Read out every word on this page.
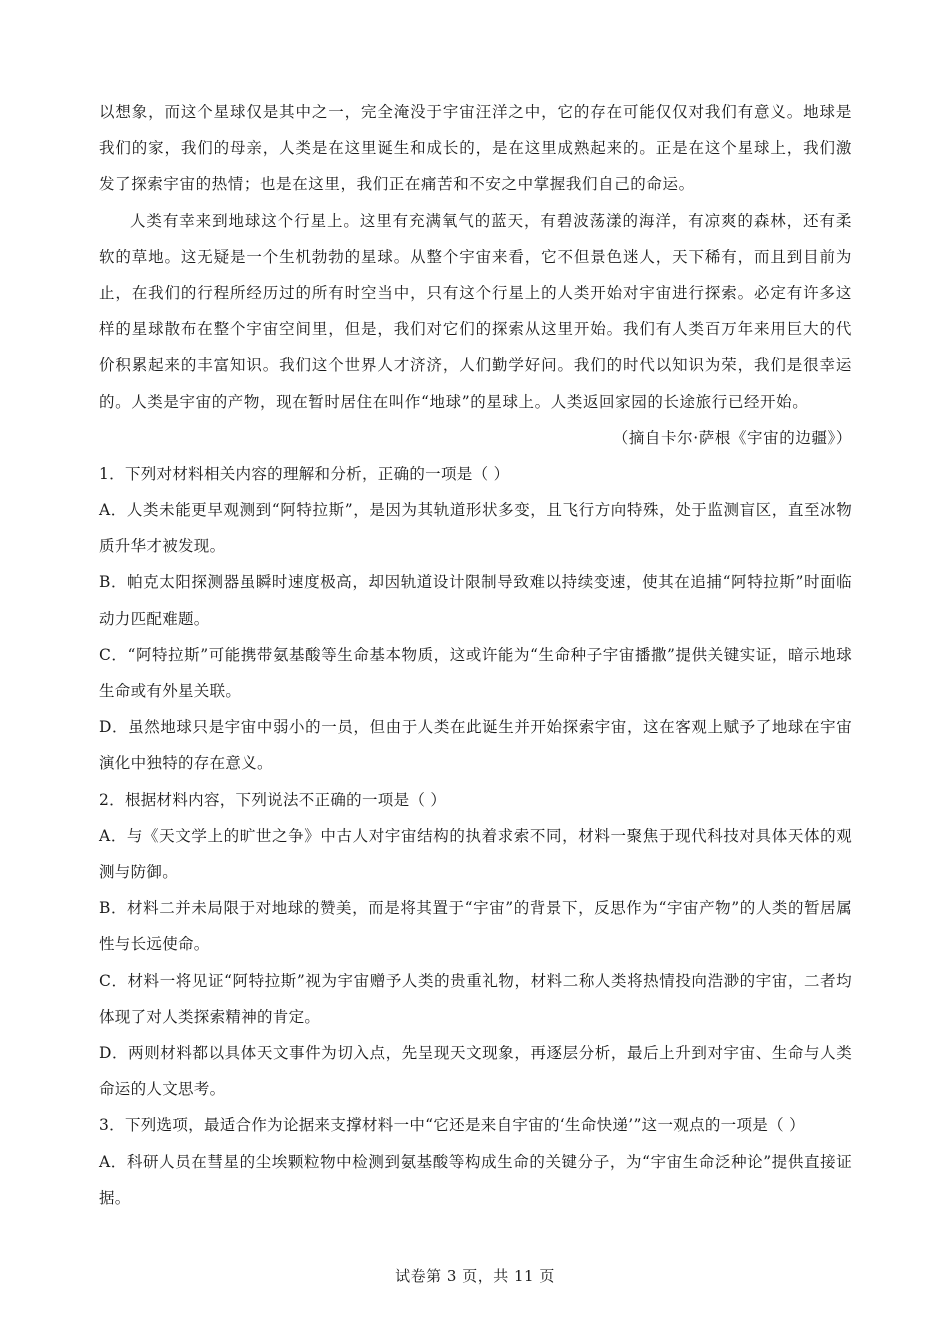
以想象，而这个星球仅是其中之一，完全淹没于宇宙汪洋之中，它的存在可能仅仅对我们有意义。地球是我们的家，我们的母亲，人类是在这里诞生和成长的，是在这里成熟起来的。正是在这个星球上，我们激发了探索宇宙的热情；也是在这里，我们正在痛苦和不安之中掌握我们自己的命运。

人类有幸来到地球这个行星上。这里有充满氧气的蓝天，有碧波荡漾的海洋，有凉爽的森林，还有柔软的草地。这无疑是一个生机勃勃的星球。从整个宇宙来看，它不但景色迷人，天下稀有，而且到目前为止，在我们的行程所经历过的所有时空当中，只有这个行星上的人类开始对宇宙进行探索。必定有许多这样的星球散布在整个宇宙空间里，但是，我们对它们的探索从这里开始。我们有人类百万年来用巨大的代价积累起来的丰富知识。我们这个世界人才济济，人们勤学好问。我们的时代以知识为荣，我们是很幸运的。人类是宇宙的产物，现在暂时居住在叫作“地球”的星球上。人类返回家园的长途旅行已经开始。

（摘自卡尔·萨根《宇宙的边疆》）

1．下列对材料相关内容的理解和分析，正确的一项是（ ）

A．人类未能更早观测到“阿特拉斯”，是因为其轨道形状多变，且飞行方向特殊，处于监测盲区，直至冰物质升华才被发现。

B．帕克太阳探测器虽瞬时速度极高，却因轨道设计限制导致难以持续变速，使其在追捕“阿特拉斯”时面临动力匹配难题。

C．“阿特拉斯”可能携带氨基酸等生命基本物质，这或许能为“生命种子宇宙播撒”提供关键实证，暗示地球生命或有外星关联。

D．虽然地球只是宇宙中弱小的一员，但由于人类在此诞生并开始探索宇宙，这在客观上赋予了地球在宇宙演化中独特的存在意义。

2．根据材料内容，下列说法不正确的一项是（ ）

A．与《天文学上的旷世之争》中古人对宇宙结构的执着求索不同，材料一聚焦于现代科技对具体天体的观测与防御。

B．材料二并未局限于对地球的赞美，而是将其置于“宇宙”的背景下，反思作为“宇宙产物”的人类的暂居属性与长远使命。

C．材料一将见证“阿特拉斯”视为宇宙赠予人类的贵重礼物，材料二称人类将热情投向浩渺的宇宙，二者均体现了对人类探索精神的肯定。

D．两则材料都以具体天文事件为切入点，先呈现天文现象，再逐层分析，最后上升到对宇宙、生命与人类命运的人文思考。

3．下列选项，最适合作为论据来支撑材料一中“它还是来自宇宙的‘生命快递’”这一观点的一项是（ ）

A．科研人员在彗星的尘埃颗粒物中检测到氨基酸等构成生命的关键分子，为“宇宙生命泛种论”提供直接证据。

试卷第 3 页，共 11 页
